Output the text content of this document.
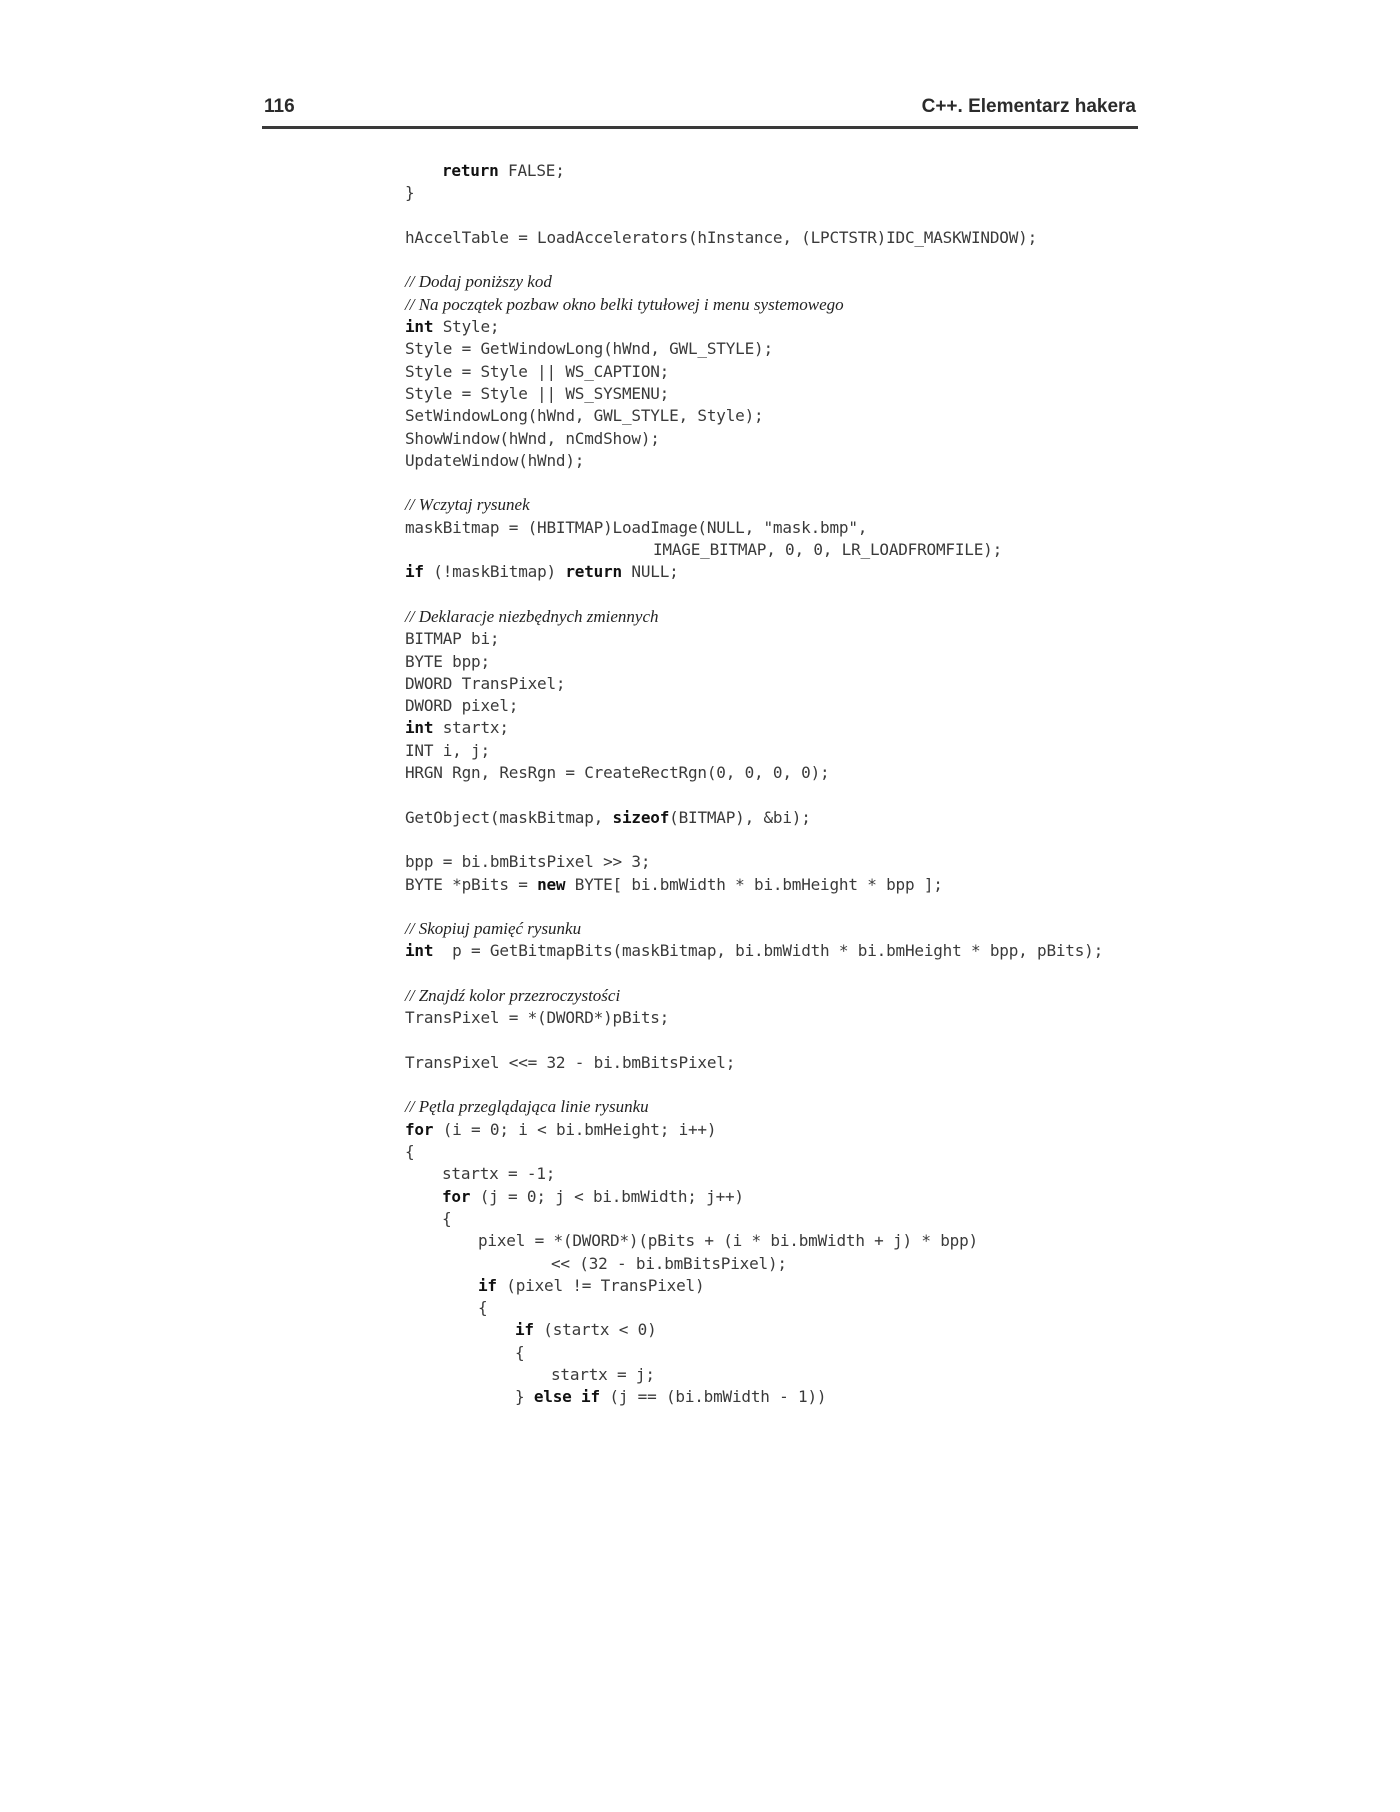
116	C++. Elementarz hakera
return FALSE;
}
hAccelTable = LoadAccelerators(hInstance, (LPCTSTR)IDC_MASKWINDOW);
// Dodaj poniższy kod
// Na początek pozbaw okno belki tytułowej i menu systemowego
int Style;
Style = GetWindowLong(hWnd, GWL_STYLE);
Style = Style || WS_CAPTION;
Style = Style || WS_SYSMENU;
SetWindowLong(hWnd, GWL_STYLE, Style);
ShowWindow(hWnd, nCmdShow);
UpdateWindow(hWnd);
// Wczytaj rysunek
maskBitmap = (HBITMAP)LoadImage(NULL, "mask.bmp",
IMAGE_BITMAP, 0, 0, LR_LOADFROMFILE);
if (!maskBitmap) return NULL;
// Deklaracje niezbędnych zmiennych
BITMAP bi;
BYTE bpp;
DWORD TransPixel;
DWORD pixel;
int startx;
INT i, j;
HRGN Rgn, ResRgn = CreateRectRgn(0, 0, 0, 0);
GetObject(maskBitmap, sizeof(BITMAP), &bi);
bpp = bi.bmBitsPixel >> 3;
BYTE *pBits = new BYTE[ bi.bmWidth * bi.bmHeight * bpp ];
// Skopiuj pamięć rysunku
int  p = GetBitmapBits(maskBitmap, bi.bmWidth * bi.bmHeight * bpp, pBits);
// Znajdź kolor przezroczystości
TransPixel = *(DWORD*)pBits;
TransPixel <<= 32 - bi.bmBitsPixel;
// Pętla przeglądająca linie rysunku
for (i = 0; i < bi.bmHeight; i++)
{
startx = -1;
for (j = 0; j < bi.bmWidth; j++)
{
pixel = *(DWORD*)(pBits + (i * bi.bmWidth + j) * bpp)
<< (32 - bi.bmBitsPixel);
if (pixel != TransPixel)
{
if (startx < 0)
{
startx = j;
} else if (j == (bi.bmWidth - 1))
